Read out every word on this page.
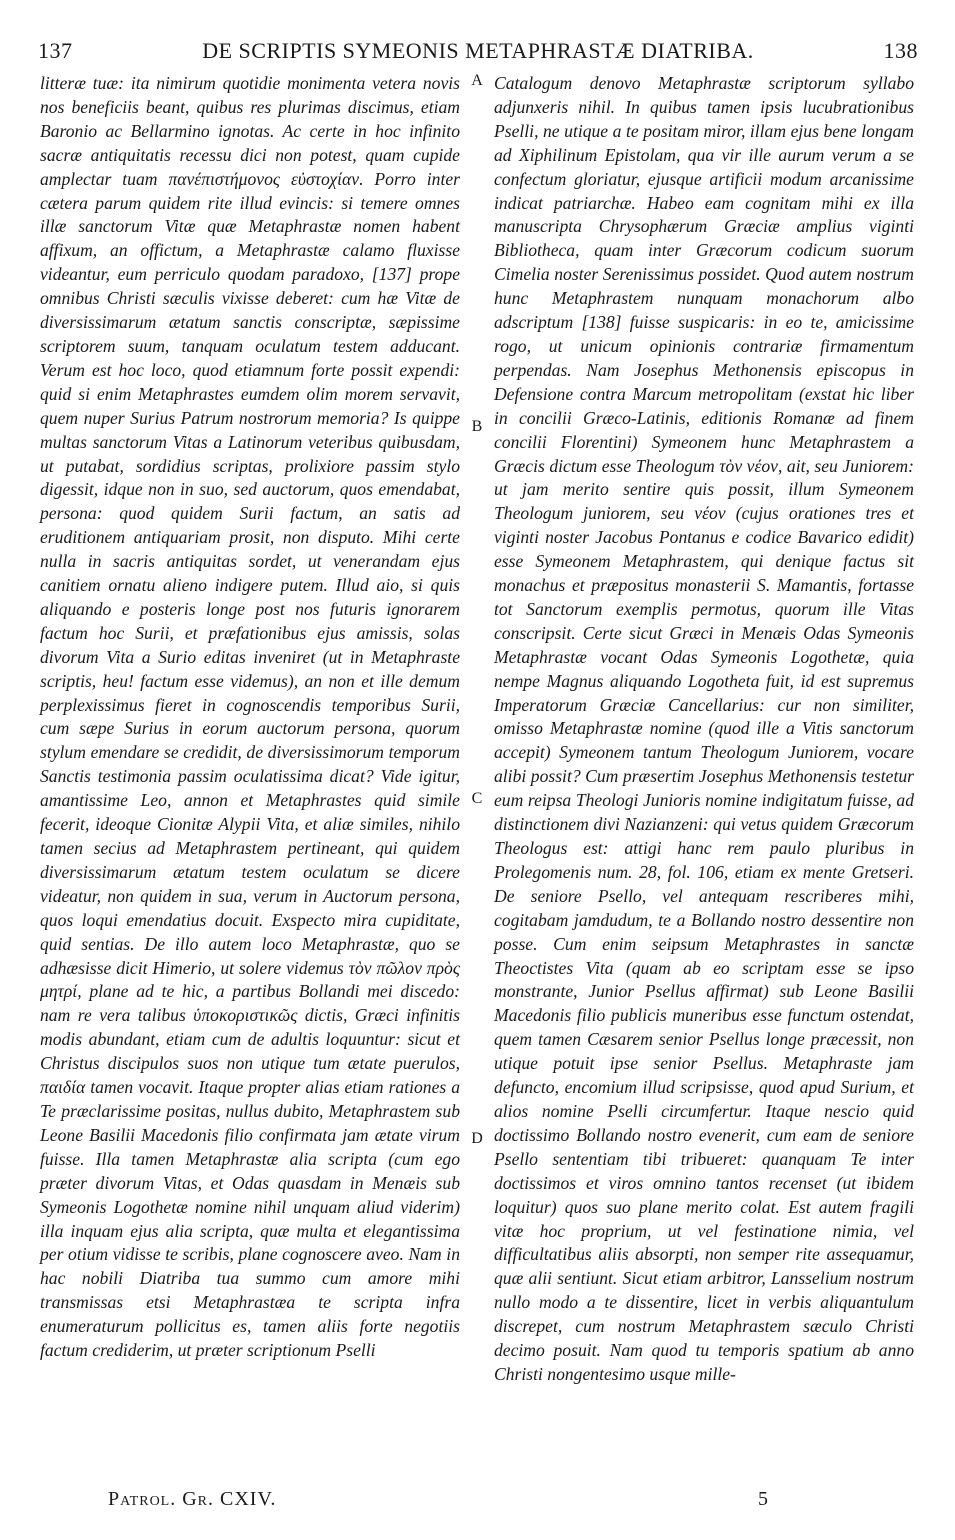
137	DE SCRIPTIS SYMEONIS METAPHRASTÆ DIATRIBA.	138

litteræ tuæ: ita nimirum quotidie monimenta vetera novis nos beneficiis beant, quibus res plurimas discimus, etiam Baronio ac Bellarmino ignotas. Ac certe in hoc infinito sacræ antiquitatis recessu dici non potest, quam cupide amplectar tuam πανέπιστήμονος εὐστοχίαν. Porro inter cætera parum quidem rite illud evincis: si temere omnes illæ sanctorum Vitæ quæ Metaphrastæ nomen habent affixum, an offictum, a Metaphrastæ calamo fluxisse videantur, eum perriculo quodam paradoxo, [137] prope omnibus Christi sæculis vixisse deberet: cum hæ Vitæ de diversissimarum ætatum sanctis conscriptæ, sæpissime scriptorem suum, tanquam oculatum testem adducant. Verum est hoc loco, quod etiamnum forte possit expendi: quid si enim Metaphrastes eumdem olim morem servavit, quem nuper Surius Patrum nostrorum memoria? Is quippe multas sanctorum Vitas a Latinorum veteribus quibusdam, ut putabat, sordidius scriptas, prolixiore passim stylo digessit, idque non in suo, sed auctorum, quos emendabat, persona: quod quidem Surii factum, an satis ad eruditionem antiquariam prosit, non disputo. Mihi certe nulla in sacris antiquitas sordet, ut venerandam ejus canitiem ornatu alieno indigere putem. Illud aio, si quis aliquando e posteris longe post nos futuris ignorarem factum hoc Surii, et præfationibus ejus amissis, solas divorum Vita a Surio editas inveniret (ut in Metaphraste scriptis, heu! factum esse videmus), an non et ille demum perplexissimus fieret in cognoscendis temporibus Surii, cum sæpe Surius in eorum auctorum persona, quorum stylum emendare se credidit, de diversissimorum temporum Sanctis testimonia passim oculatissima dicat? Vide igitur, amantissime Leo, annon et Metaphrastes quid simile fecerit, ideoque Cionitæ Alypii Vita, et aliæ similes, nihilo tamen secius ad Metaphrastem pertineant, qui quidem diversissimarum ætatum testem oculatum se dicere videatur, non quidem in sua, verum in Auctorum persona, quos loqui emendatius docuit. Exspecto mira cupiditate, quid sentias. De illo autem loco Metaphrastæ, quo se adhæsisse dicit Himerio, ut solere videmus τὸν πῶλον πρὸς μητρί, plane ad te hic, a partibus Bollandi mei discedo: nam re vera talibus ὑποκοριστικῶς dictis, Græci infinitis modis abundant, etiam cum de adultis loquuntur: sicut et Christus discipulos suos non utique tum ætate puerulos, παιδία tamen vocavit. Itaque propter alias etiam rationes a Te præclarissime positas, nullus dubito, Metaphrastem sub Leone Basilii Macedonis filio confirmata jam ætate virum fuisse. Illa tamen Metaphrastæ alia scripta (cum ego præter divorum Vitas, et Odas quasdam in Menæis sub Symeonis Logothetæ nomine nihil unquam aliud viderim) illa inquam ejus alia scripta, quæ multa et elegantissima per otium vidisse te scribis, plane cognoscere aveo. Nam in hac nobili Diatriba tua summo cum amore mihi transmissas etsi Metaphrastæa te scripta infra enumeraturum pollicitus es, tamen aliis forte negotiis factum crediderim, ut præter scriptionum Pselli

A
B
C
D

Catalogum denovo Metaphrastæ scriptorum syllabo adjunxeris nihil. In quibus tamen ipsis lucubrationibus Pselli, ne utique a te positam miror, illam ejus bene longam ad Xiphilinum Epistolam, qua vir ille aurum verum a se confectum gloriatur, ejusque artificii modum arcanissime indicat patriarchæ. Habeo eam cognitam mihi ex illa manuscripta Chrysophærum Græciæ amplius viginti Bibliotheca, quam inter Græcorum codicum suorum Cimelia noster Serenissimus possidet. Quod autem nostrum hunc Metaphrastem nunquam monachorum albo adscriptum [138] fuisse suspicaris: in eo te, amicissime rogo, ut unicum opinionis contrariæ firmamentum perpendas. Nam Josephus Methonensis episcopus in Defensione contra Marcum metropolitam (exstat hic liber in concilii Græco-Latinis, editionis Romanæ ad finem concilii Florentini) Symeonem hunc Metaphrastem a Græcis dictum esse Theologum τὸν νέον, ait, seu Juniorem: ut jam merito sentire quis possit, illum Symeonem Theologum juniorem, seu νέον (cujus orationes tres et viginti noster Jacobus Pontanus e codice Bavarico edidit) esse Symeonem Metaphrastem, qui denique factus sit monachus et præpositus monasterii S. Mamantis, fortasse tot Sanctorum exemplis permotus, quorum ille Vitas conscripsit. Certe sicut Græci in Menæis Odas Symeonis Metaphrastæ vocant Odas Symeonis Logothetæ, quia nempe Magnus aliquando Logotheta fuit, id est supremus Imperatorum Græciæ Cancellarius: cur non similiter, omisso Metaphrastæ nomine (quod ille a Vitis sanctorum accepit) Symeonem tantum Theologum Juniorem, vocare alibi possit? Cum præsertim Josephus Methonensis testetur eum reipsa Theologi Junioris nomine indigitatum fuisse, ad distinctionem divi Nazianzeni: qui vetus quidem Græcorum Theologus est: attigi hanc rem paulo pluribus in Prolegomenis num. 28, fol. 106, etiam ex mente Gretseri. De seniore Psello, vel antequam rescriberes mihi, cogitabam jamdudum, te a Bollando nostro dessentire non posse. Cum enim seipsum Metaphrastes in sanctæ Theoctistes Vita (quam ab eo scriptam esse se ipso monstrante, Junior Psellus affirmat) sub Leone Basilii Macedonis filio publicis muneribus esse functum ostendat, quem tamen Cæsarem senior Psellus longe præcessit, non utique potuit ipse senior Psellus. Metaphraste jam defuncto, encomium illud scripsisse, quod apud Surium, et alios nomine Pselli circumfertur. Itaque nescio quid doctissimo Bollando nostro evenerit, cum eam de seniore Psello sententiam tibi tribueret: quanquam Te inter doctissimos et viros omnino tantos recenset (ut ibidem loquitur) quos suo plane merito colat. Est autem fragili vitæ hoc proprium, ut vel festinatione nimia, vel difficultatibus aliis absorpti, non semper rite assequamur, quæ alii sentiunt. Sicut etiam arbitror, Lansselium nostrum nullo modo a te dissentire, licet in verbis aliquantulum discrepet, cum nostrum Metaphrastem sæculo Christi decimo posuit. Nam quod tu temporis spatium ab anno Christi nongentesimo usque mille-

Patrol. Gr. CXIV.	5
